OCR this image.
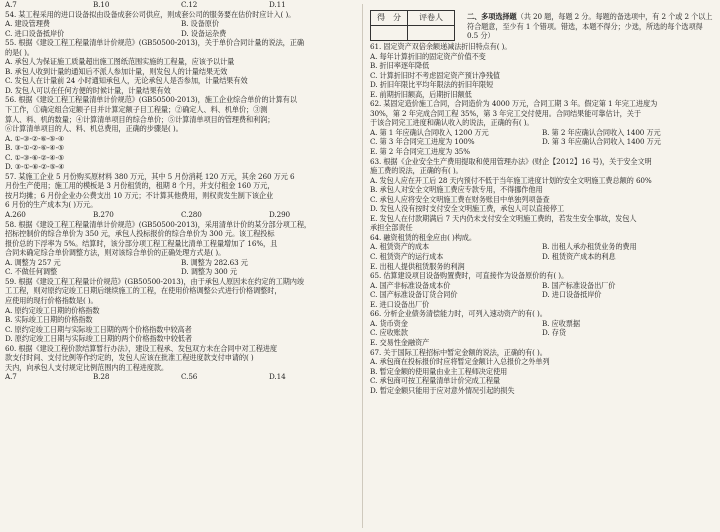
A.7	B.10	C.12	D.11
54. 某工程采用的进口设备拟由设备成套公司供应，则成套公司的服务要在估价时应计入( )。
A. 建设管理费	B. 设备原价
C. 进口设备抵岸价	D. 设备运杂费
55. 根据《建设工程工程量清单计价规范》(GB50500-2013)，关于单价合同计量的说法，正确
的是( )。
A. 承包人为保证施工质量超出施工图纸范围实施的工程量，应该予以计量
B. 承包人收到计量的通知后不派人参加计量，则发包人的计量结果无效
C. 发包人在计量前 24 小时通知承包人，无论承包人是否参加，计量结果有效
D. 发包人可以在任何方便的时候计量，计量结果有效
56. 根据《建设工程工程量清单计价规范》(GB50500-2013)，施工企业综合单价的计算有以
下工作，①确定组合定额子目并计算定额子目工程量；②确定人、料、机单价；③测
算人、料、机的数量；④计算清单项目的综合单价；⑤计算清单项目的管理费和利润；
⑥计算清单项目的人、料、机总费用，正确的步骤是( )。
A. ①-③-②-⑥-⑤-④
B. ③-①-②-⑥-④-⑤
C. ①-③-⑥-②-④-⑤
D. ③-①-⑥-②-⑤-④
57. 某施工企业 5 月份购买原材料 380 万元，其中 5 月份消耗 120 万元，其余 260 万元 6
月份生产使用；施工用的模板是 3 月份租赁的，租期 8 个月，并支付租金 160 万元，
按月均摊；6 月份企业办公费支出 10 万元；不计算其他费用，则权责发生制下该企业
6 月份的生产成本为( )万元。
A.260	B.270	C.280	D.290
58. 根据《建设工程工程量清单计价规范》(GB50500-2013)，采用清单计价的某分部分项工程，
招标控制价的综合单价为 350 元，承包人投标报价的综合单价为 300 元。该工程投标
报价总的下浮率为 5%。结算时，该分部分项工程工程量比清单工程量增加了 16%，且
合同未确定综合单价调整方法，则对该综合单价的正确处理方式是( )。
A. 调整为 257 元	B. 调整为 282.63 元
C. 不做任何调整	D. 调整为 300 元
59. 根据《建设工程工程量计价规范》(GB50500-2013)，由于承包人原因未在约定的工期内竣
工工程，则对原约定竣工日期后继续施工的工程，在使用价格调整公式进行价格调整时，
应使用的现行价格指数是( )。
A. 原约定竣工日期的价格指数
B. 实际竣工日期的价格指数
C. 原约定竣工日期与实际竣工日期的两个价格指数中较高者
D. 原约定竣工日期与实际竣工日期的两个价格指数中较低者
60. 根据《建设工程价款结算暂行办法》，建设工程承、发包双方未在合同中对工程进度
款支付时间、支付比例等作约定的，发包人应该在批准工程进度款支付申请的( )
天内，向承包人支付规定比例范围内的工程进度款。
A.7	B.28	C.56	D.14
得　分	评卷人
		二、多项选择题（共 20 题，每题 2 分。每题的备选项中，有 2 个或 2 个以上符合题意，至少有 1 个错项。错选，本题不得分；少选，所选的每个选项得 0.5 分）
61. 固定资产双倍余额递减法折旧特点有( )。
A. 每年计算折旧的固定资产价值不变
B. 折旧率逐年降低
C. 计算折旧时不考虑固定资产预计净残值
D. 折旧年限比平均年限法的折旧年限短
E. 前期折旧额高，后期折旧额低
62. 某固定造价施工合同，合同造价为 4000 万元，合同工期 3 年。假定第 1 年完工进度为
30%，第 2 年完成合同工程 35%，第 3 年完工交付使用。合同结果能可靠估计，关于
于该合同完工进度和确认收入的说法，正确的有( )。
A. 第 1 年应确认合同收入 1200 万元	B. 第 2 年应确认合同收入 1400 万元
C. 第 3 年合同完工进度为 100%	D. 第 3 年应确认合同收入 1400 万元
E. 第 2 年合同完工进度为 35%
63. 根据《企业安全生产费用提取和使用管理办法》(财企【2012】16 号)，关于安全文明
施工费的说法，正确的有( )。
A. 发包人应在开工后 28 天内预付不低于当年施工进度计划的安全文明施工费总额的 60%
B. 承包人对安全文明施工费应专款专用，不得挪作他用
C. 承包人应将安全文明施工费在财务账目中单独列项备查
D. 发包人没有按时支付安全文明施工费，承包人可以直接停工
E. 发包人在付款期满后 7 天内仍未支付安全文明施工费的，若发生安全事故，发包人
承担全部责任
64. 融资租赁的租金应由( )构成。
A. 租赁资产的成本	B. 出租人承办租赁业务的费用
C. 租赁资产的运行成本	D. 租赁资产成本的利息
E. 出租人提供租赁服务的利润
65. 估算建设项目设备购置费时，可直接作为设备原价的有( )。
A. 国产非标准设备成本价	B. 国产标准设备出厂价
C. 国产标准设备订货合同价	D. 进口设备抵岸价
E. 进口设备出厂价
66. 分析企业债务清偿能力时，可列入速动资产的有( )。
A. 货币资金	B. 应收票据
C. 应收账款	D. 存货
E. 交易性金融资产
67. 关于国际工程招标中暂定金额的说法，正确的有( )。
A. 承包商在投标报价时应将暂定金额计入总报价之外单列
B. 暂定金额的使用量由业主工程师决定使用
C. 承包商可按工程量清单计价完成工程量
D. 暂定金额只能用于应对意外情况引起的损失
